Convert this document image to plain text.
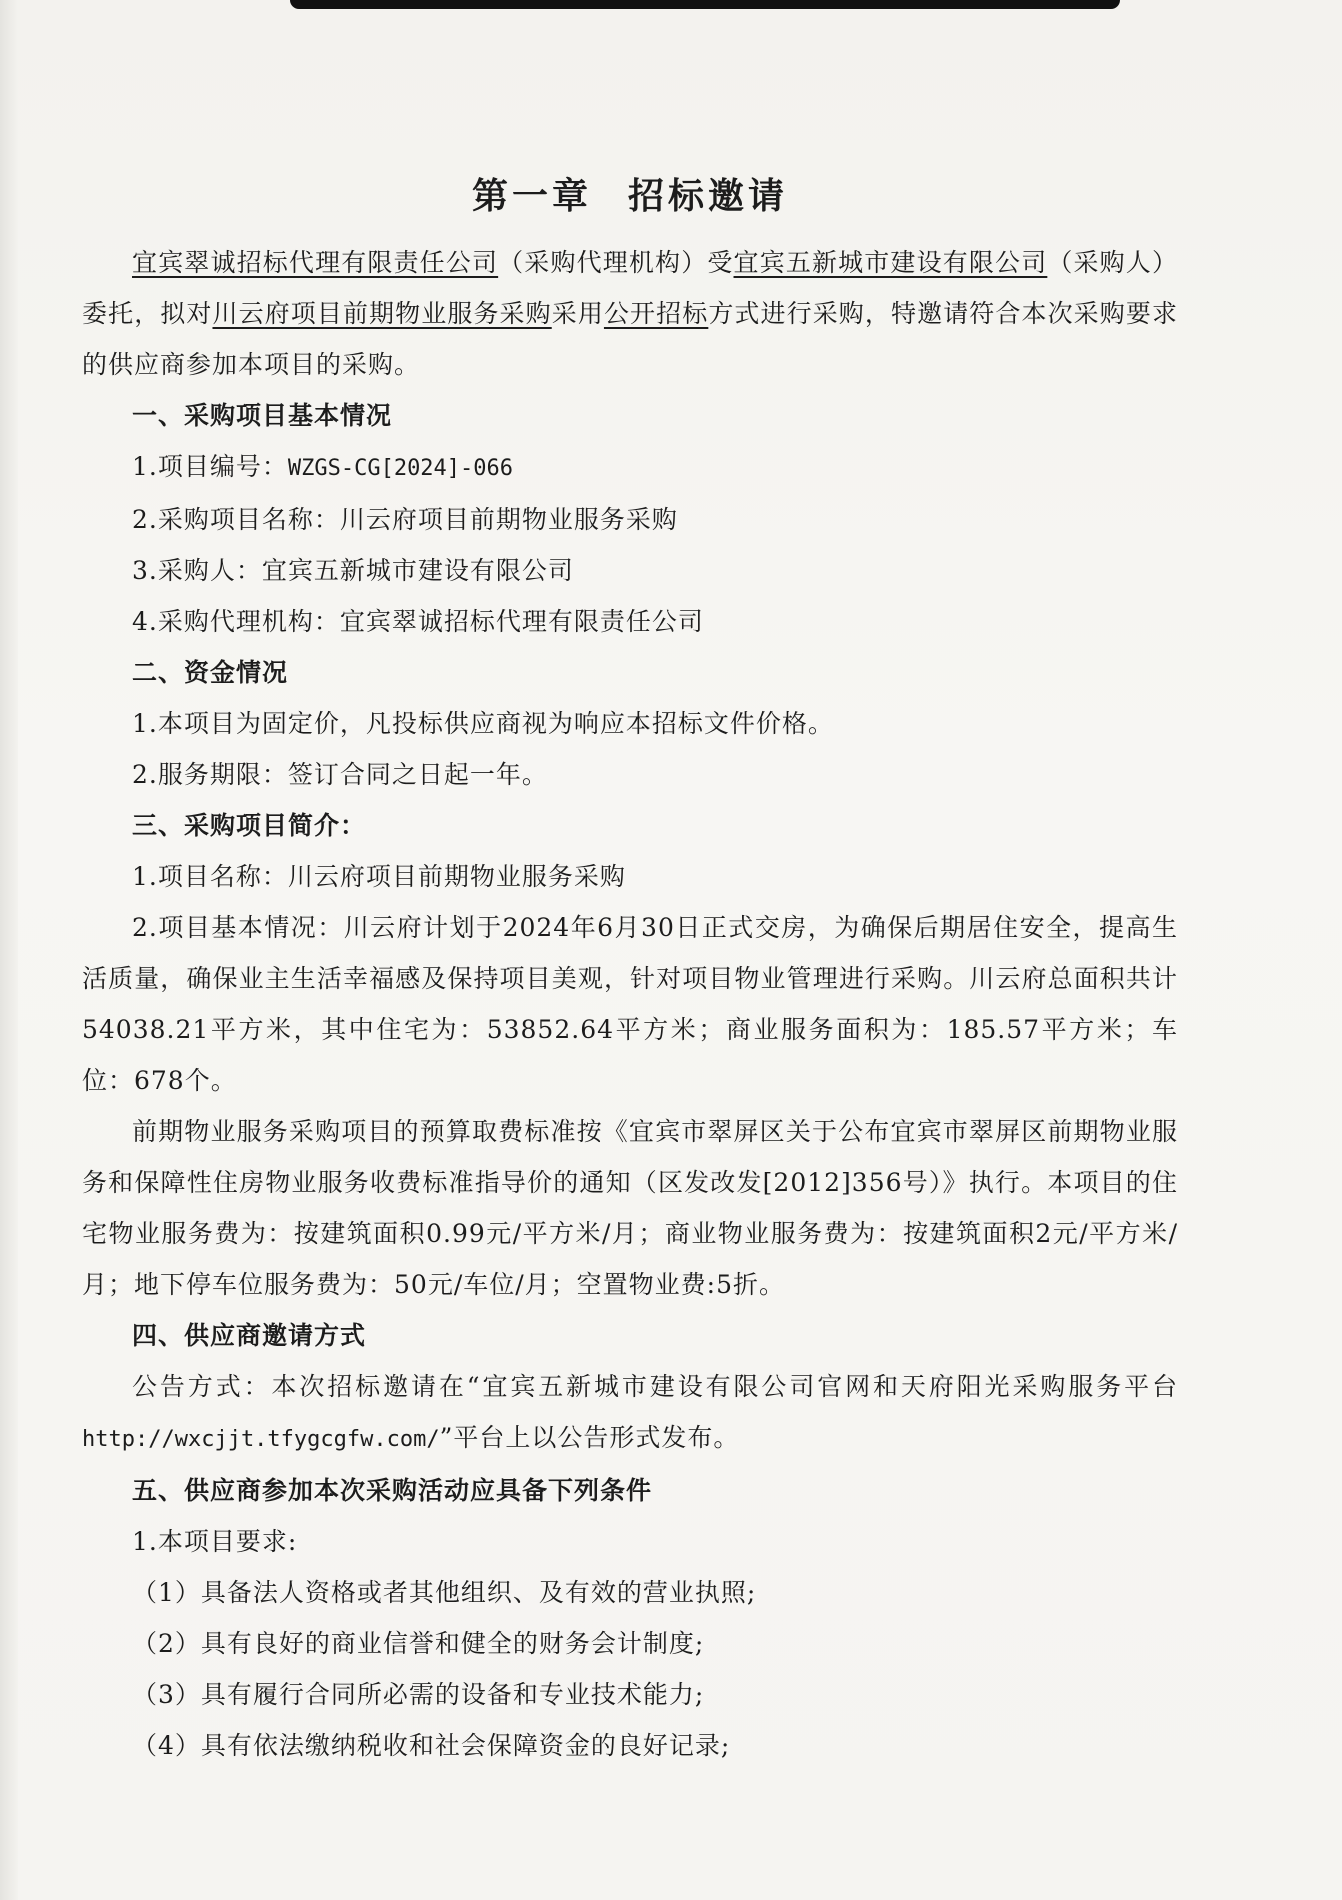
第一章 招标邀请

宜宾翠诚招标代理有限责任公司（采购代理机构）受宜宾五新城市建设有限公司（采购人）委托，拟对川云府项目前期物业服务采购采用公开招标方式进行采购，特邀请符合本次采购要求的供应商参加本项目的采购。

一、采购项目基本情况

1.项目编号：WZGS-CG[2024]-066

2.采购项目名称：川云府项目前期物业服务采购

3.采购人：宜宾五新城市建设有限公司

4.采购代理机构：宜宾翠诚招标代理有限责任公司

二、资金情况

1.本项目为固定价，凡投标供应商视为响应本招标文件价格。

2.服务期限：签订合同之日起一年。

三、采购项目简介：

1.项目名称：川云府项目前期物业服务采购

2.项目基本情况：川云府计划于2024年6月30日正式交房，为确保后期居住安全，提高生活质量，确保业主生活幸福感及保持项目美观，针对项目物业管理进行采购。川云府总面积共计54038.21平方米，其中住宅为：53852.64平方米；商业服务面积为：185.57平方米；车位：678个。

前期物业服务采购项目的预算取费标准按《宜宾市翠屏区关于公布宜宾市翠屏区前期物业服务和保障性住房物业服务收费标准指导价的通知（区发改发[2012]356号）》执行。本项目的住宅物业服务费为：按建筑面积0.99元/平方米/月；商业物业服务费为：按建筑面积2元/平方米/月；地下停车位服务费为：50元/车位/月；空置物业费:5折。

四、供应商邀请方式

公告方式：本次招标邀请在“宜宾五新城市建设有限公司官网和天府阳光采购服务平台http://wxcjjt.tfygcgfw.com/”平台上以公告形式发布。

五、供应商参加本次采购活动应具备下列条件

1.本项目要求:

（1）具备法人资格或者其他组织、及有效的营业执照;

（2）具有良好的商业信誉和健全的财务会计制度;

（3）具有履行合同所必需的设备和专业技术能力;

（4）具有依法缴纳税收和社会保障资金的良好记录;
